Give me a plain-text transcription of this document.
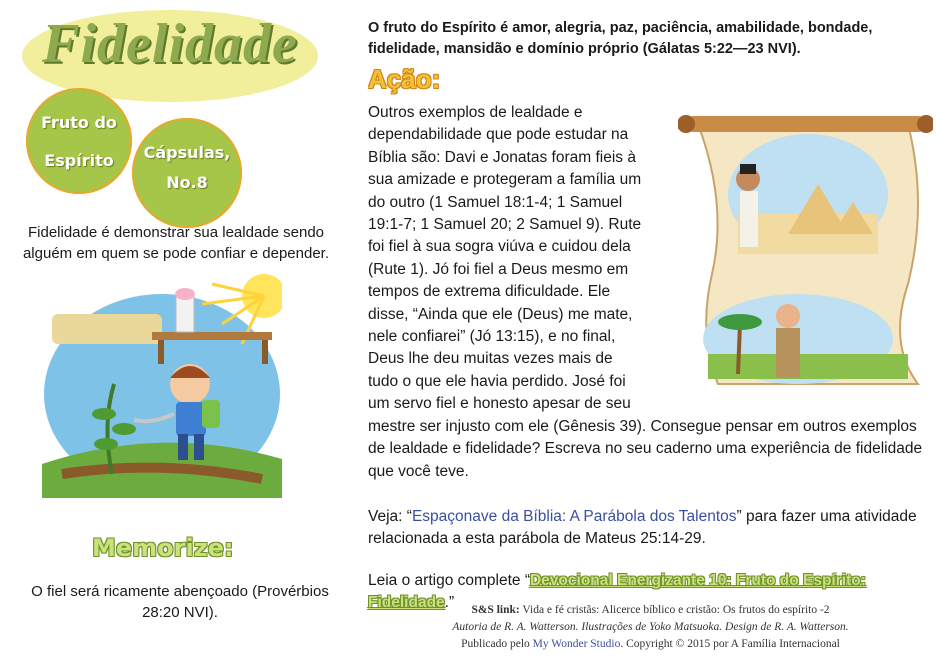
Fidelidade
Fruto do
Espírito	Cápsulas,
No.8
Fidelidade é demonstrar sua lealdade sendo alguém em quem se pode confiar e depender.
Memorize:
O fiel será ricamente abençoado (Provérbios 28:20 NVI).
O fruto do Espírito é amor, alegria, paz, paciência, amabilidade, bondade, fidelidade, mansidão e domínio próprio (Gálatas 5:22—23 NVI).
Ação:
Outros exemplos de lealdade e
dependabilidade que pode estudar na
Bíblia são: Davi e Jonatas foram fieis à
sua amizade e protegeram a família um
do outro (1 Samuel 18:1-4; 1 Samuel
19:1-7; 1 Samuel 20; 2 Samuel 9). Rute
foi fiel à sua sogra viúva e cuidou dela
(Rute 1). Jó foi fiel a Deus mesmo em
tempos de extrema dificuldade. Ele
disse, “Ainda que ele (Deus) me mate,
nele confiarei” (Jó 13:15), e no final,
Deus lhe deu muitas vezes mais de
tudo o que ele havia perdido. José foi
um servo fiel e honesto apesar de seu
mestre ser injusto com ele (Gênesis 39). Consegue pensar em outros exemplos de lealdade e fidelidade? Escreva no seu caderno uma experiência de fidelidade que você teve.
Veja: “Espaçonave da Bíblia: A Parábola dos Talentos” para fazer uma atividade relacionada a esta parábola de Mateus 25:14-29.
Leia o artigo complete “Devocional Energizante 10: Fruto do Espírito: Fidelidade.”	S&S link: Vida e fé cristãs: Alicerce bíblico e cristão: Os frutos do espírito -2
Autoria de R. A. Watterson. Ilustrações de Yoko Matsuoka. Design de R. A. Watterson.
Publicado pelo My Wonder Studio. Copyright © 2015 por A Família Internacional
